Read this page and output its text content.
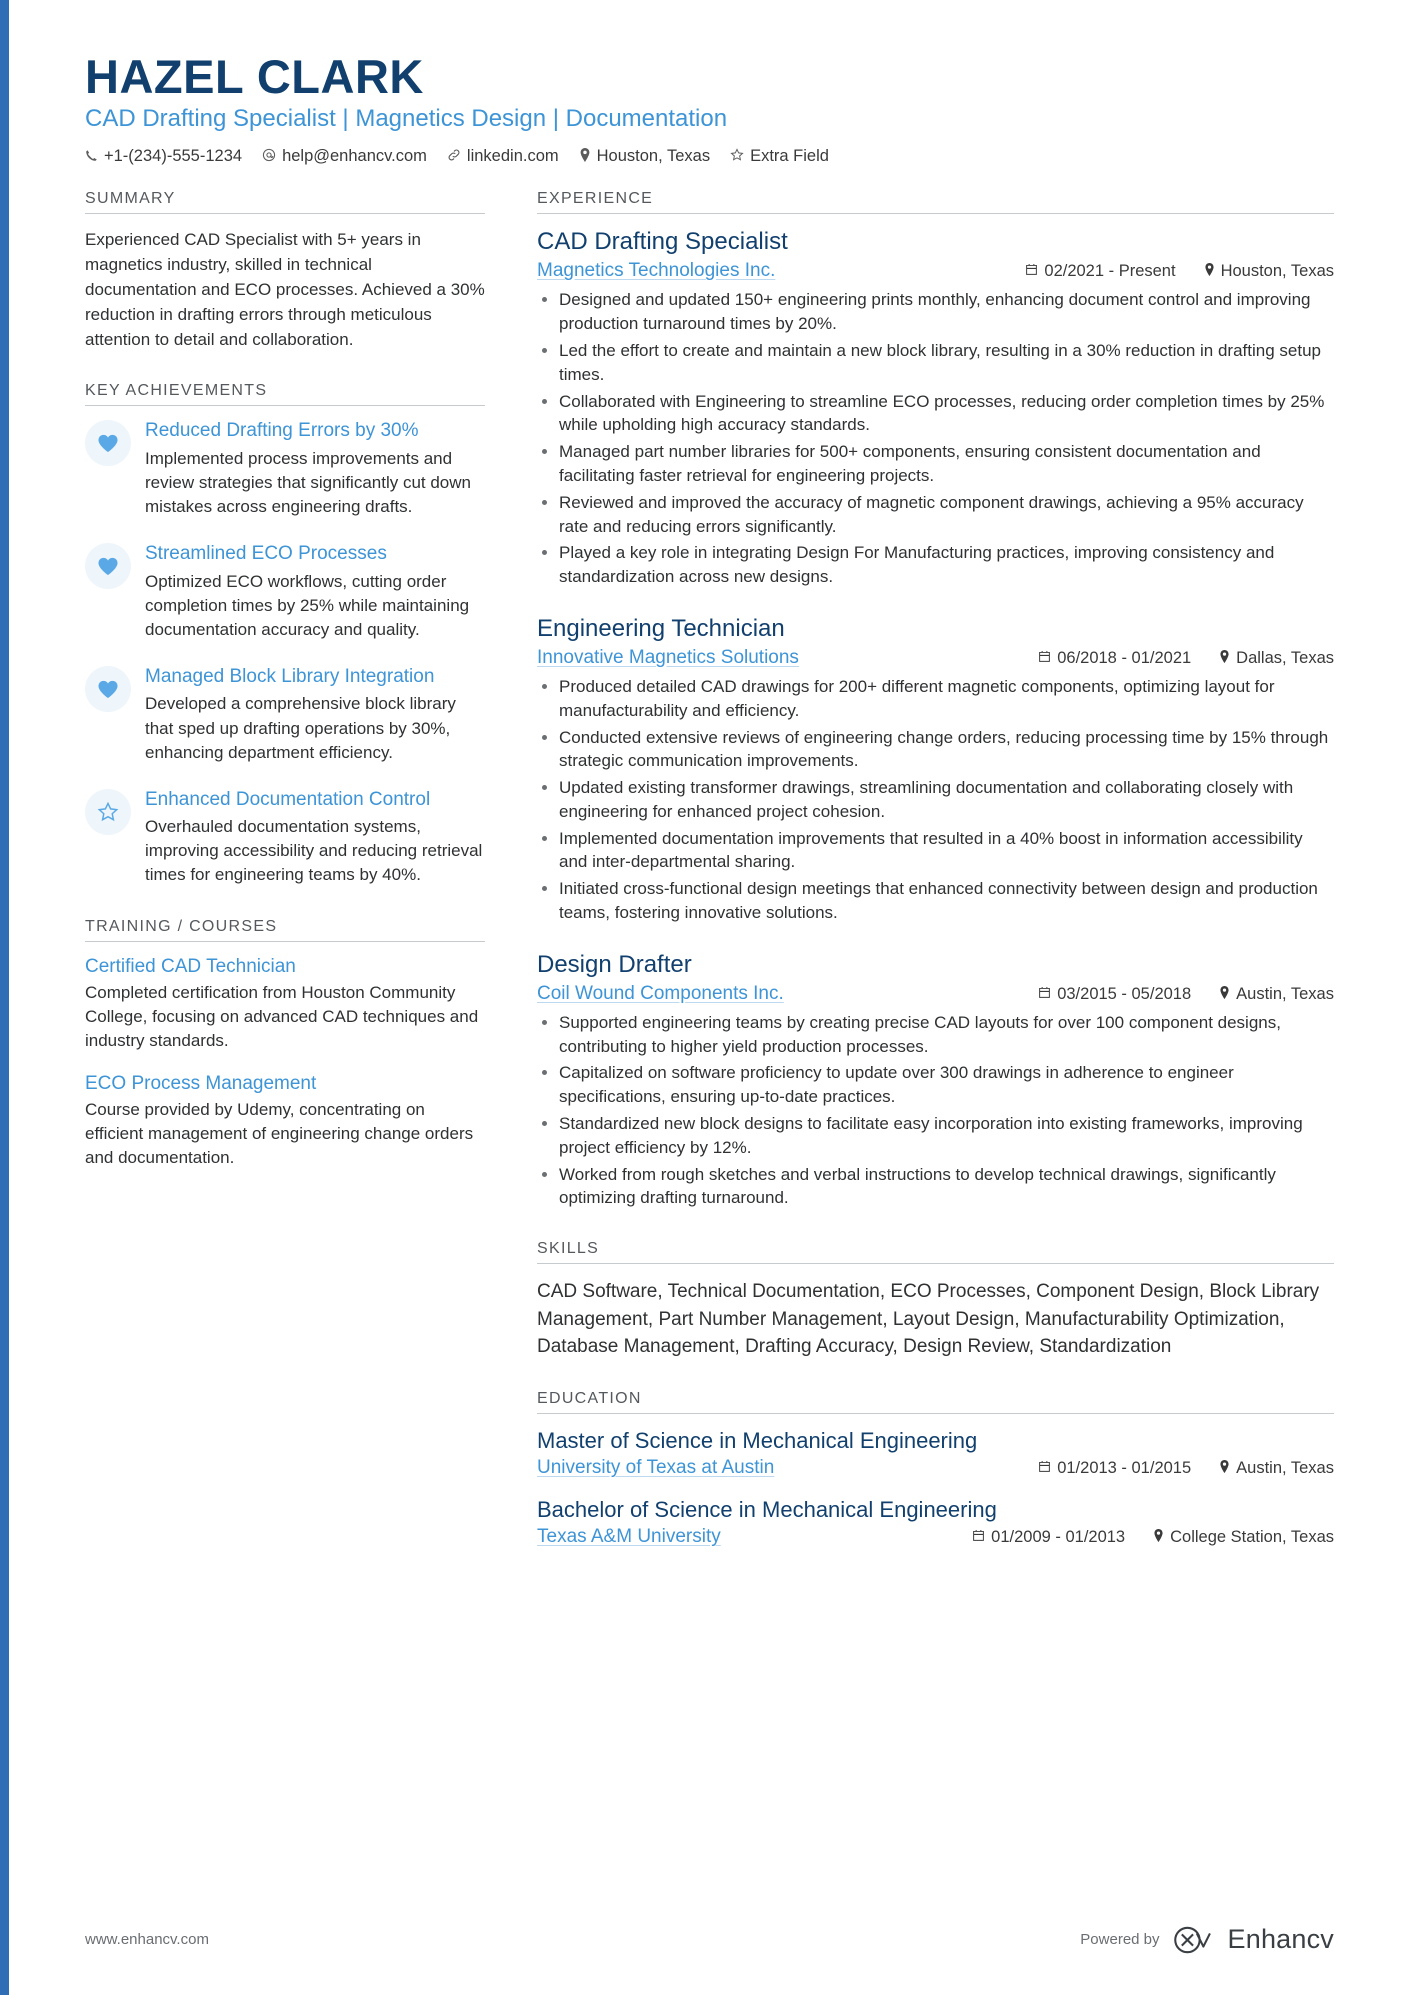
HAZEL CLARK
CAD Drafting Specialist | Magnetics Design | Documentation
+1-(234)-555-1234 help@enhancv.com linkedin.com Houston, Texas Extra Field
SUMMARY
Experienced CAD Specialist with 5+ years in magnetics industry, skilled in technical documentation and ECO processes. Achieved a 30% reduction in drafting errors through meticulous attention to detail and collaboration.
KEY ACHIEVEMENTS
Reduced Drafting Errors by 30%
Implemented process improvements and review strategies that significantly cut down mistakes across engineering drafts.
Streamlined ECO Processes
Optimized ECO workflows, cutting order completion times by 25% while maintaining documentation accuracy and quality.
Managed Block Library Integration
Developed a comprehensive block library that sped up drafting operations by 30%, enhancing department efficiency.
Enhanced Documentation Control
Overhauled documentation systems, improving accessibility and reducing retrieval times for engineering teams by 40%.
TRAINING / COURSES
Certified CAD Technician
Completed certification from Houston Community College, focusing on advanced CAD techniques and industry standards.
ECO Process Management
Course provided by Udemy, concentrating on efficient management of engineering change orders and documentation.
EXPERIENCE
CAD Drafting Specialist
Magnetics Technologies Inc.	02/2021 - Present	Houston, Texas
• Designed and updated 150+ engineering prints monthly, enhancing document control and improving production turnaround times by 20%.
• Led the effort to create and maintain a new block library, resulting in a 30% reduction in drafting setup times.
• Collaborated with Engineering to streamline ECO processes, reducing order completion times by 25% while upholding high accuracy standards.
• Managed part number libraries for 500+ components, ensuring consistent documentation and facilitating faster retrieval for engineering projects.
• Reviewed and improved the accuracy of magnetic component drawings, achieving a 95% accuracy rate and reducing errors significantly.
• Played a key role in integrating Design For Manufacturing practices, improving consistency and standardization across new designs.
Engineering Technician
Innovative Magnetics Solutions	06/2018 - 01/2021	Dallas, Texas
• Produced detailed CAD drawings for 200+ different magnetic components, optimizing layout for manufacturability and efficiency.
• Conducted extensive reviews of engineering change orders, reducing processing time by 15% through strategic communication improvements.
• Updated existing transformer drawings, streamlining documentation and collaborating closely with engineering for enhanced project cohesion.
• Implemented documentation improvements that resulted in a 40% boost in information accessibility and inter-departmental sharing.
• Initiated cross-functional design meetings that enhanced connectivity between design and production teams, fostering innovative solutions.
Design Drafter
Coil Wound Components Inc.	03/2015 - 05/2018	Austin, Texas
• Supported engineering teams by creating precise CAD layouts for over 100 component designs, contributing to higher yield production processes.
• Capitalized on software proficiency to update over 300 drawings in adherence to engineer specifications, ensuring up-to-date practices.
• Standardized new block designs to facilitate easy incorporation into existing frameworks, improving project efficiency by 12%.
• Worked from rough sketches and verbal instructions to develop technical drawings, significantly optimizing drafting turnaround.
SKILLS
CAD Software, Technical Documentation, ECO Processes, Component Design, Block Library Management, Part Number Management, Layout Design, Manufacturability Optimization, Database Management, Drafting Accuracy, Design Review, Standardization
EDUCATION
Master of Science in Mechanical Engineering
University of Texas at Austin	01/2013 - 01/2015	Austin, Texas
Bachelor of Science in Mechanical Engineering
Texas A&M University	01/2009 - 01/2013	College Station, Texas
www.enhancv.com	Powered by	Enhancv
